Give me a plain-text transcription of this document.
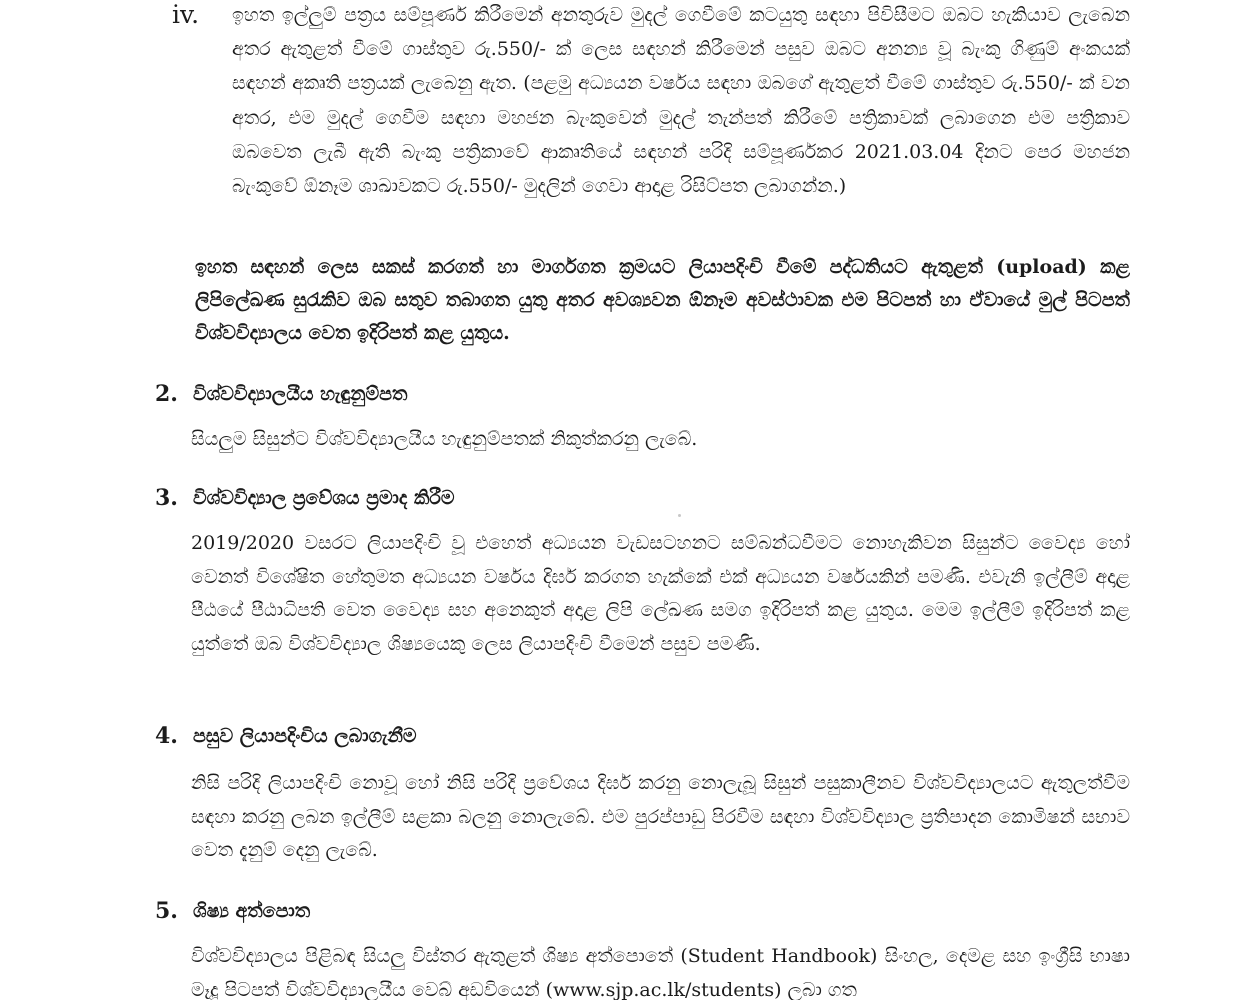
iv. ඉහත ඉල්ලුම් පත්‍රය සම්පූර්ණ කිරීමෙන් අනතුරුව මුදල් ගෙවීමේ කටයුතු සඳහා පිවිසීමට ඔබට හැකියාව ලැබෙන අතර ඇතුළත් වීමේ ගාස්තුව රු.550/- ක් ලෙස සඳහන් කිරීමෙන් පසුව ඔබට අනන්‍ය වූ බැංකු ගිණුම් අංකයක් සඳහන් අකෘති පත්‍රයක් ලැබෙනු ඇත. (පළමු අධ්‍යයන වර්ෂය සඳහා ඔබගේ ඇතුළත් වීමේ ගාස්තුව රු.550/- ක් වන අතර, එම මුදල් ගෙවීම සඳහා මහජන බැංකුවෙන් මුදල් තැන්පත් කිරීමේ පත්‍රිකාවක් ලබාගෙන එම පත්‍රිකාව ඔබවෙත ලැබී ඇති බැංකු පත්‍රිකාවේ ආකෘතියේ සඳහන් පරිදි සම්පූර්ණකර 2021.03.04 දිනට පෙර මහජන බැංකුවේ ඕනෑම ශාඛාවකට රු.550/- මුදලින් ගෙවා ආදාළ රිසිට්පත ලබාගන්න.)
ඉහත සඳහන් ලෙස සකස් කරගත් හා මාර්ගගත ක්‍රමයට ලියාපදිංචි වීමේ පද්ධතියට ඇතුළත් (upload) කළ ලිපිලේඛණ සුරැකිව ඔබ සතුව තබාගත යුතු අතර අවශ්‍යවන ඕනෑම අවස්ථාවක එම පිටපත් හා ඒවායේ මුල් පිටපත් විශ්වවිද්‍යාලය වෙත ඉදිරිපත් කළ යුතුය.
2. විශ්වවිද්‍යාලයීය හැඳුනුම්පත
සියලුම සිසුන්ට විශ්වවිද්‍යාලයීය හැඳුනුම්පතක් නිකුත්කරනු ලැබේ.
3. විශ්වවිද්‍යාල ප්‍රවේශය ප්‍රමාද කිරීම
2019/2020 වසරට ලියාපදිංචි වූ එහෙත් අධ්‍යයන වැඩසටහනට සම්බන්ධවීමට නොහැකිවන සිසුන්ට වෛද්‍ය හෝ වෙනත් විශේෂිත හේතුමත අධ්‍යයන වර්ෂය දිර්ඝ කරගත හැක්කේ එක් අධ්‍යයන වර්ෂයකින් පමණි. එවැනි ඉල්ලීම් අදාළ පීඨයේ පීඨාධිපති වෙත වෛද්‍ය සහ අනෙකුත් අදාළ ලිපි ලේඛණ සමග ඉදිරිපත් කළ යුතුය. මෙම ඉල්ලීම් ඉදිරිපත් කළ යුත්තේ ඔබ විශ්වවිද්‍යාල ශිෂ්‍යයෙකු ලෙස ලියාපදිංචි වීමෙන් පසුව පමණි.
4. පසුව ලියාපදිංචිය ලබාගැනීම
නිසි පරිදි ලියාපදිංචි නොවූ හෝ නිසි පරිදි ප්‍රවේශය දිර්ඝ කරනු නොලැබූ සිසුන් පසුකාලීනව විශ්වවිද්‍යාලයට ඇතුලත්වීම සඳහා කරනු ලබන ඉල්ලීම් සළකා බලනු නොලැබේ. එම පුරප්පාඩු පිරවීම සඳහා විශ්වවිද්‍යාල ප්‍රතිපාදන කොමිෂන් සභාව වෙත දැනුම් දෙනු ලැබේ.
5. ශිෂ්‍ය අත්පොත
විශ්වවිද්‍යාලය පිළිබඳ සියලු විස්තර ඇතුළත් ශිෂ්‍ය අත්පොතේ (Student Handbook) සිංහල, දෙමළ සහ ඉංග්‍රීසි භාෂා මෑදූ පිටපත් විශ්වවිද්‍යාලයීය වෙබ් අඩවියෙන් (www.sjp.ac.lk/students) ලබා ගත
